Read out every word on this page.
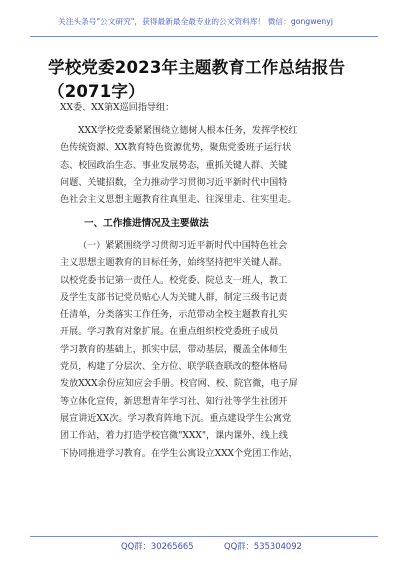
关注头条号"公文研究"，获得最新最全最专业的公文资料库！ 微信：gongwenyj
学校党委2023年主题教育工作总结报告
（2071字）
XX委、XX第X巡回指导组：
XXX学校党委紧紧围绕立德树人根本任务，发挥学校红
色传统资源、XX教育特色资源优势，聚焦党委班子运行状
态、校园政治生态、事业发展势态，重抓关键人群、关键
问题、关键招数，全力推动学习贯彻习近平新时代中国特
色社会主义思想主题教育往真里走、往深里走、往实里走。
一、工作推进情况及主要做法
（一）紧紧围绕学习贯彻习近平新时代中国特色社会
主义思想主题教育的目标任务，始终坚持把牢关键人群。
以校党委书记第一责任人。校党委、院总支一班人，教工
及学生支部书记党员贴心人为关键人群，制定三级书记责
任清单，分类落实工作任务，示范带动全校主题教育扎实
开展。学习教育对象扩展。在重点组织校党委班子成员
学习教育的基础上，抓实中层，带动基层，覆盖全体师生
党员，构建了分层次、全方位、联学联查联改的整体格局
发放XXX余份应知应会手册。校官网、校、院官微，电子屏
等立体化宣传，新思想青年学习社、知行社等学生社团开
展宣讲近XX次。学习教育阵地下沉。重点建设学生公寓党
团工作站，着力打造学校官微"XXX"，课内课外、线上线
下协同推进学习教育。在学生公寓设立XXX个党团工作站，
QQ群：30265665	QQ群：535304092
